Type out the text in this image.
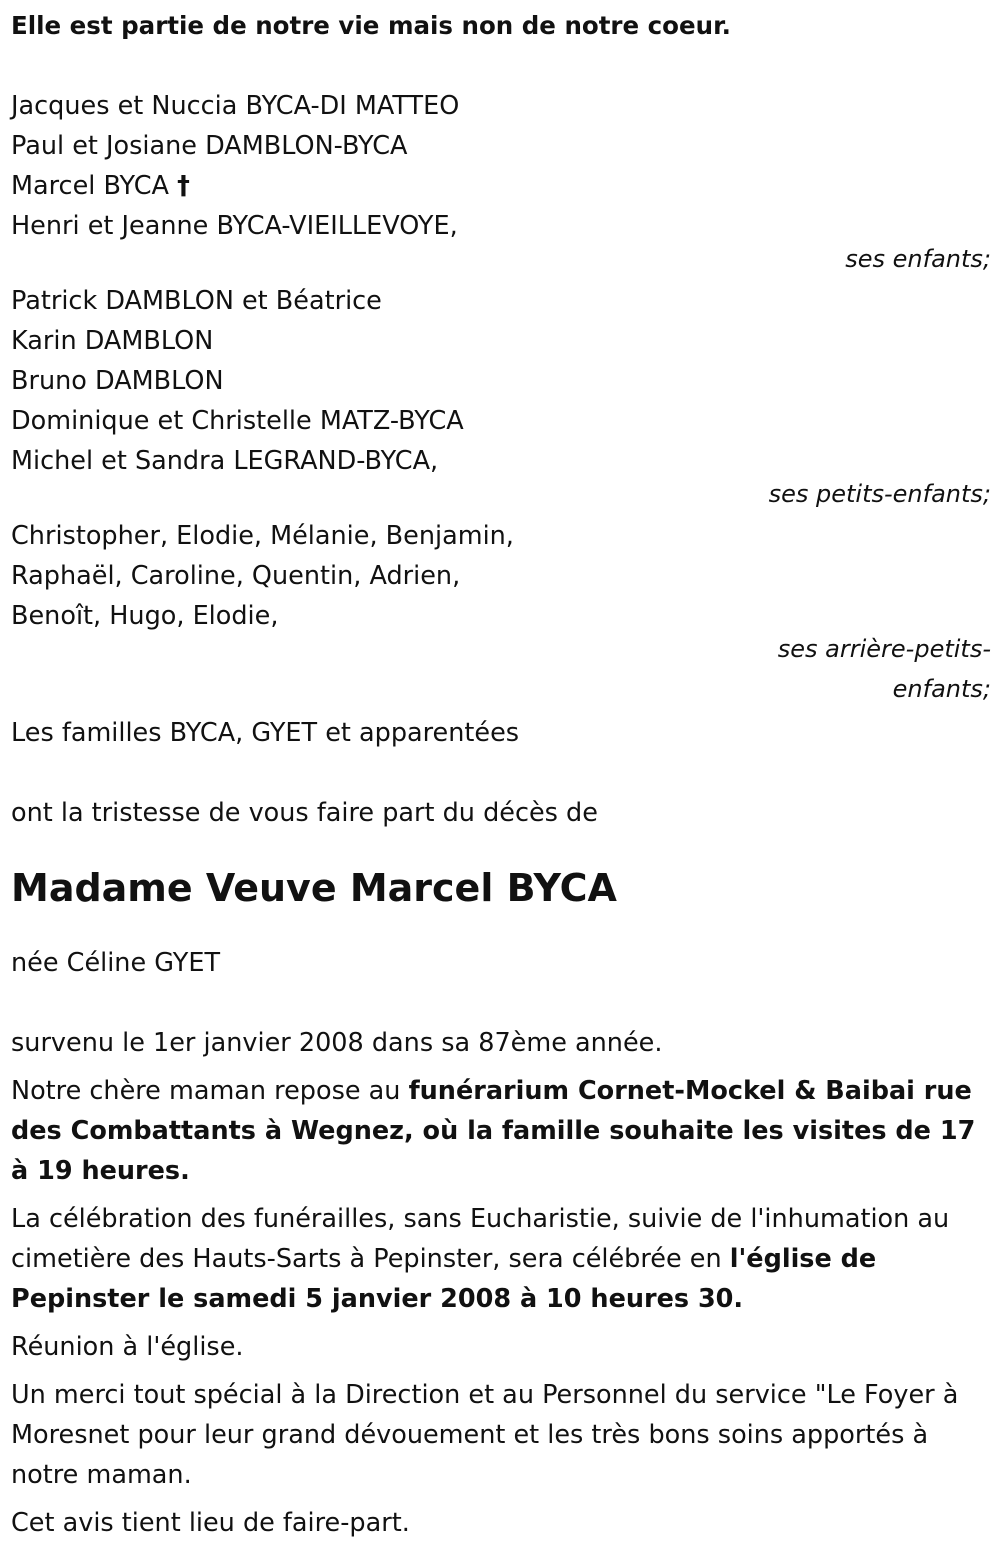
Elle est partie de notre vie mais non de notre coeur.

Jacques et Nuccia BYCA-DI MATTEO

Paul et Josiane DAMBLON-BYCA

Marcel BYCA †

Henri et Jeanne BYCA-VIEILLEVOYE,

ses enfants;

Patrick DAMBLON et Béatrice

Karin DAMBLON

Bruno DAMBLON

Dominique et Christelle MATZ-BYCA

Michel et Sandra LEGRAND-BYCA,

ses petits-enfants;

Christopher, Elodie, Mélanie, Benjamin,

Raphaël, Caroline, Quentin, Adrien,

Benoît, Hugo, Elodie,

ses arrière-petits-enfants;

Les familles BYCA, GYET et apparentées

ont la tristesse de vous faire part du décès de

Madame Veuve Marcel BYCA

née Céline GYET

survenu le 1er janvier 2008 dans sa 87ème année.

Notre chère maman repose au funérarium Cornet-Mockel & Baibai rue des Combattants à Wegnez, où la famille souhaite les visites de 17 à 19 heures.

La célébration des funérailles, sans Eucharistie, suivie de l'inhumation au cimetière des Hauts-Sarts à Pepinster, sera célébrée en l'église de Pepinster le samedi 5 janvier 2008 à 10 heures 30.

Réunion à l'église.

Un merci tout spécial à la Direction et au Personnel du service "Le Foyer à Moresnet pour leur grand dévouement et les très bons soins apportés à notre maman.

Cet avis tient lieu de faire-part.
